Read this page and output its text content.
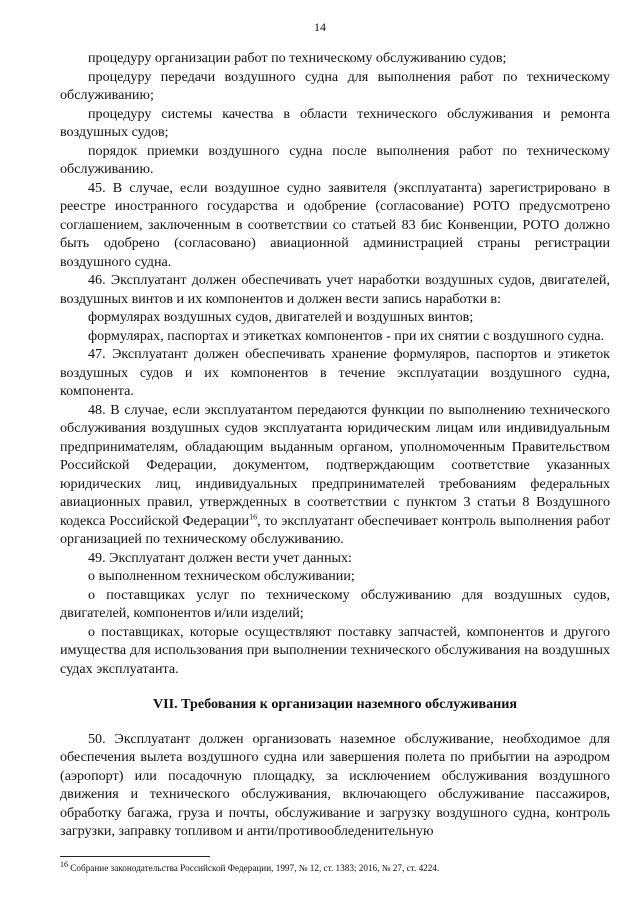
14

процедуру организации работ по техническому обслуживанию судов;

процедуру передачи воздушного судна для выполнения работ по техническому обслуживанию;

процедуру системы качества в области технического обслуживания и ремонта воздушных судов;

порядок приемки воздушного судна после выполнения работ по техническому обслуживанию.

45. В случае, если воздушное судно заявителя (эксплуатанта) зарегистрировано в реестре иностранного государства и одобрение (согласование) РОТО предусмотрено соглашением, заключенным в соответствии со статьей 83 бис Конвенции, РОТО должно быть одобрено (согласовано) авиационной администрацией страны регистрации воздушного судна.

46. Эксплуатант должен обеспечивать учет наработки воздушных судов, двигателей, воздушных винтов и их компонентов и должен вести запись наработки в:

формулярах воздушных судов, двигателей и воздушных винтов;

формулярах, паспортах и этикетках компонентов - при их снятии с воздушного судна.

47. Эксплуатант должен обеспечивать хранение формуляров, паспортов и этикеток воздушных судов и их компонентов в течение эксплуатации воздушного судна, компонента.

48. В случае, если эксплуатантом передаются функции по выполнению технического обслуживания воздушных судов эксплуатанта юридическим лицам или индивидуальным предпринимателям, обладающим выданным органом, уполномоченным Правительством Российской Федерации, документом, подтверждающим соответствие указанных юридических лиц, индивидуальных предпринимателей требованиям федеральных авиационных правил, утвержденных в соответствии с пунктом 3 статьи 8 Воздушного кодекса Российской Федерации$^{16}$, то эксплуатант обеспечивает контроль выполнения работ организацией по техническому обслуживанию.

49. Эксплуатант должен вести учет данных:

о выполненном техническом обслуживании;

о поставщиках услуг по техническому обслуживанию для воздушных судов, двигателей, компонентов и/или изделий;

о поставщиках, которые осуществляют поставку запчастей, компонентов и другого имущества для использования при выполнении технического обслуживания на воздушных судах эксплуатанта.

VII. Требования к организации наземного обслуживания

50. Эксплуатант должен организовать наземное обслуживание, необходимое для обеспечения вылета воздушного судна или завершения полета по прибытии на аэродром (аэропорт) или посадочную площадку, за исключением обслуживания воздушного движения и технического обслуживания, включающего обслуживание пассажиров, обработку багажа, груза и почты, обслуживание и загрузку воздушного судна, контроль загрузки, заправку топливом и анти/противообледенительную

$^{16}$ Собрание законодательства Российской Федерации, 1997, № 12, ст. 1383; 2016, № 27, ст. 4224.
